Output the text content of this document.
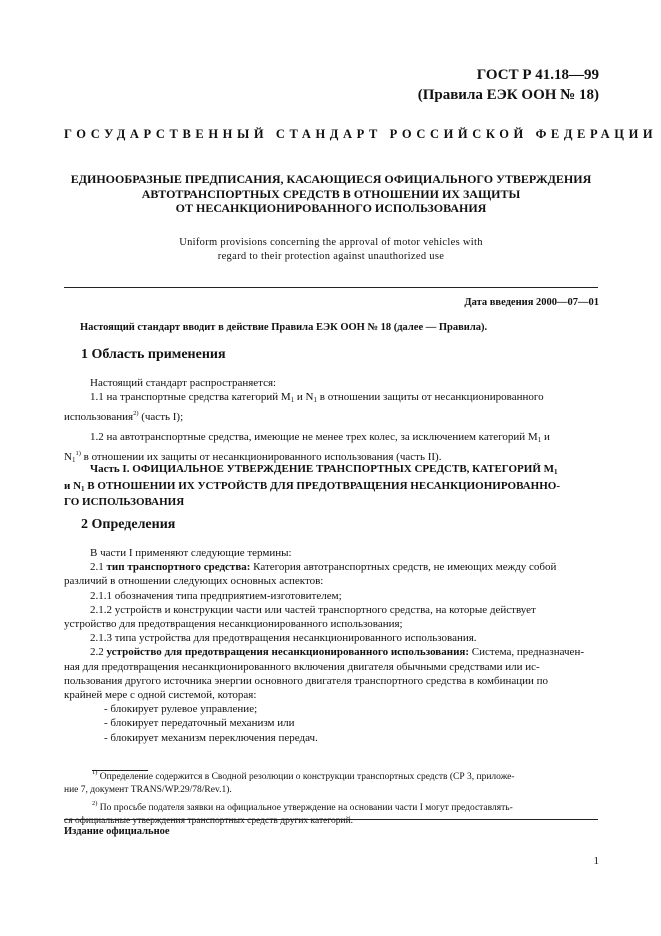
ГОСТ Р 41.18—99
(Правила ЕЭК ООН № 18)
ГОСУДАРСТВЕННЫЙ СТАНДАРТ РОССИЙСКОЙ ФЕДЕРАЦИИ
ЕДИНООБРАЗНЫЕ ПРЕДПИСАНИЯ, КАСАЮЩИЕСЯ ОФИЦИАЛЬНОГО УТВЕРЖДЕНИЯ
АВТОТРАНСПОРТНЫХ СРЕДСТВ В ОТНОШЕНИИ ИХ ЗАЩИТЫ
ОТ НЕСАНКЦИОНИРОВАННОГО ИСПОЛЬЗОВАНИЯ
Uniform provisions concerning the approval of motor vehicles with
regard to their protection against unauthorized use
Дата введения 2000—07—01
Настоящий стандарт вводит в действие Правила ЕЭК ООН № 18 (далее — Правила).
1 Область применения
Настоящий стандарт распространяется:
1.1 на транспортные средства категорий $М_1$ и $N_1$ в отношении защиты от несанкционированного
использования$^{2)}$ (часть I);
1.2 на автотранспортные средства, имеющие не менее трех колес, за исключением категорий $М_1$ и
$N_1^{1)}$ в отношении их защиты от несанкционированного использования (часть II).
Часть I. ОФИЦИАЛЬНОЕ УТВЕРЖДЕНИЕ ТРАНСПОРТНЫХ СРЕДСТВ, КАТЕГОРИЙ $М_1$
и $N_1$ В ОТНОШЕНИИ ИХ УСТРОЙСТВ ДЛЯ ПРЕДОТВРАЩЕНИЯ НЕСАНКЦИОНИРОВАННО-
ГО ИСПОЛЬЗОВАНИЯ
2 Определения
В части I применяют следующие термины:
2.1 тип транспортного средства: Категория автотранспортных средств, не имеющих между собой
различий в отношении следующих основных аспектов:
2.1.1 обозначения типа предприятием-изготовителем;
2.1.2 устройств и конструкции части или частей транспортного средства, на которые действует
устройство для предотвращения несанкционированного использования;
2.1.3 типа устройства для предотвращения несанкционированного использования.
2.2 устройство для предотвращения несанкционированного использования: Система, предназначен-
ная для предотвращения несанкционированного включения двигателя обычными средствами или ис-
пользования другого источника энергии основного двигателя транспортного средства в комбинации по
крайней мере с одной системой, которая:
- блокирует рулевое управление;
- блокирует передаточный механизм или
- блокирует механизм переключения передач.
$^{1)}$ Определение содержится в Сводной резолюции о конструкции транспортных средств (СР 3, приложе-
ние 7, документ TRANS/WP.29/78/Rev.1).
$^{2)}$ По просьбе подателя заявки на официальное утверждение на основании части I могут предоставлять-
ся официальные утверждения транспортных средств других категорий.
Издание официальное
1
